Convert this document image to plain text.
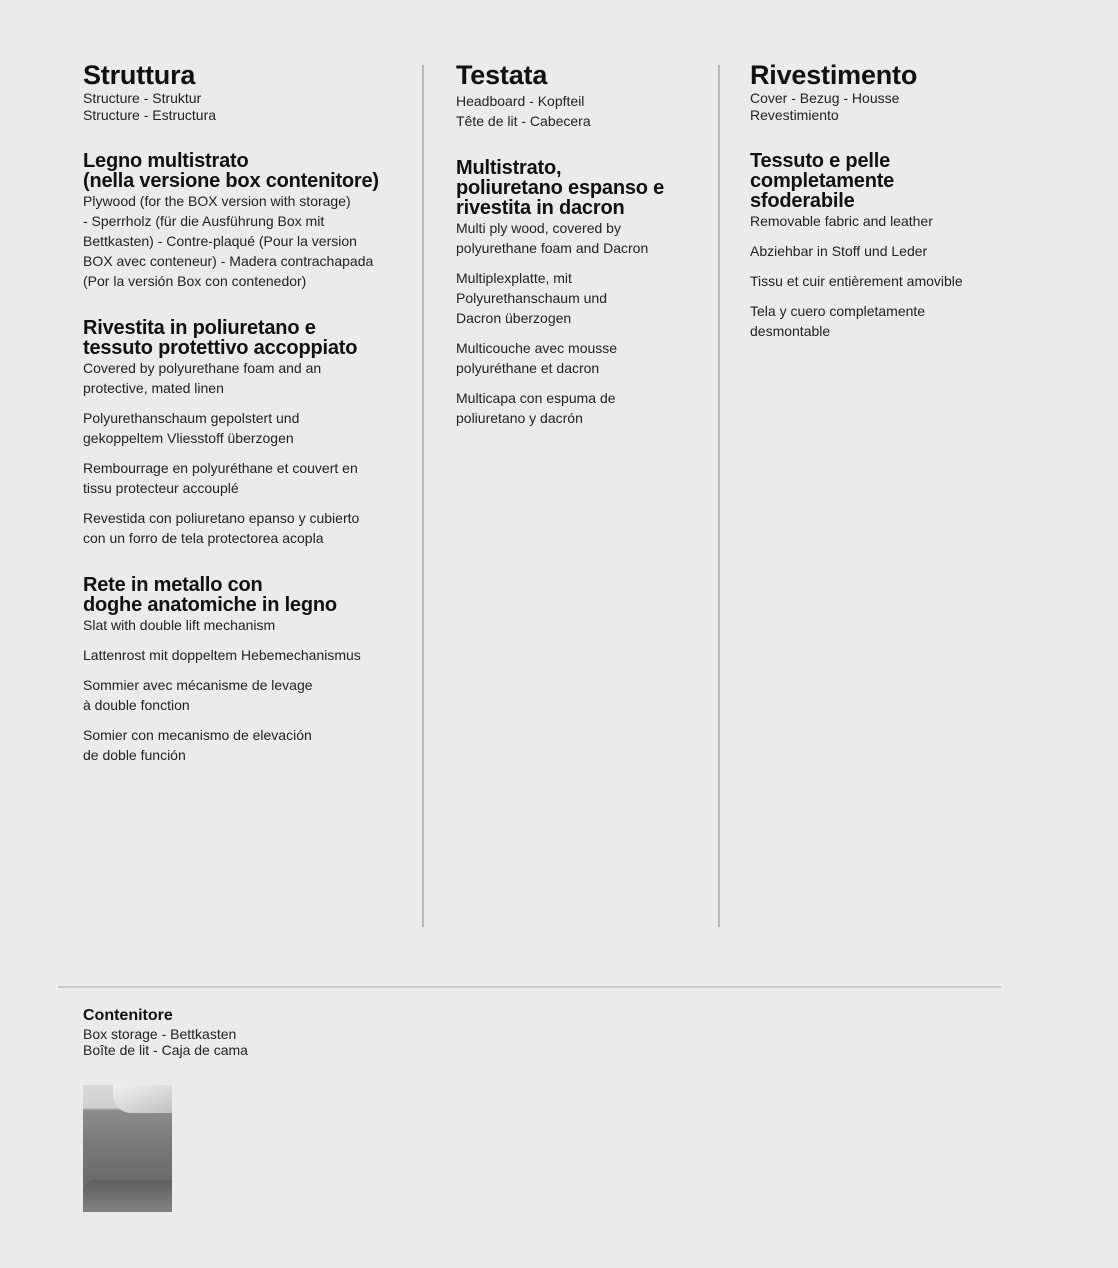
Struttura

Structure - Struktur
Structure - Estructura

Legno multistrato
(nella versione box contenitore)

Plywood (for the BOX version with storage)
- Sperrholz (für die Ausführung Box mit
Bettkasten) - Contre-plaqué (Pour la version
BOX avec conteneur) - Madera contrachapada
(Por la versión Box con contenedor)

Rivestita in poliuretano e
tessuto protettivo accoppiato

Covered by polyurethane foam and an
protective, mated linen

Polyurethanschaum gepolstert und
gekoppeltem Vliesstoff überzogen

Rembourrage en polyuréthane et couvert en
tissu protecteur accouplé

Revestida con poliuretano epanso y cubierto
con un forro de tela protectorea acopla

Rete in metallo con
doghe anatomiche in legno

Slat with double lift mechanism

Lattenrost mit doppeltem Hebemechanismus

Sommier avec mécanisme de levage
à double fonction

Somier con mecanismo de elevación
de doble función

Testata

Headboard - Kopfteil
Tête de lit - Cabecera

Multistrato,
poliuretano espanso e
rivestita in dacron

Multi ply wood, covered by
polyurethane foam and Dacron

Multiplexplatte, mit
Polyurethanschaum und
Dacron überzogen

Multicouche avec mousse
polyuréthane et dacron

Multicapa con espuma de
poliuretano y dacrón

Rivestimento

Cover - Bezug - Housse
Revestimiento

Tessuto e pelle
completamente
sfoderabile

Removable fabric and leather

Abziehbar in Stoff und Leder

Tissu et cuir entièrement amovible

Tela y cuero completamente
desmontable

Contenitore

Box storage - Bettkasten
Boîte de lit - Caja de cama
